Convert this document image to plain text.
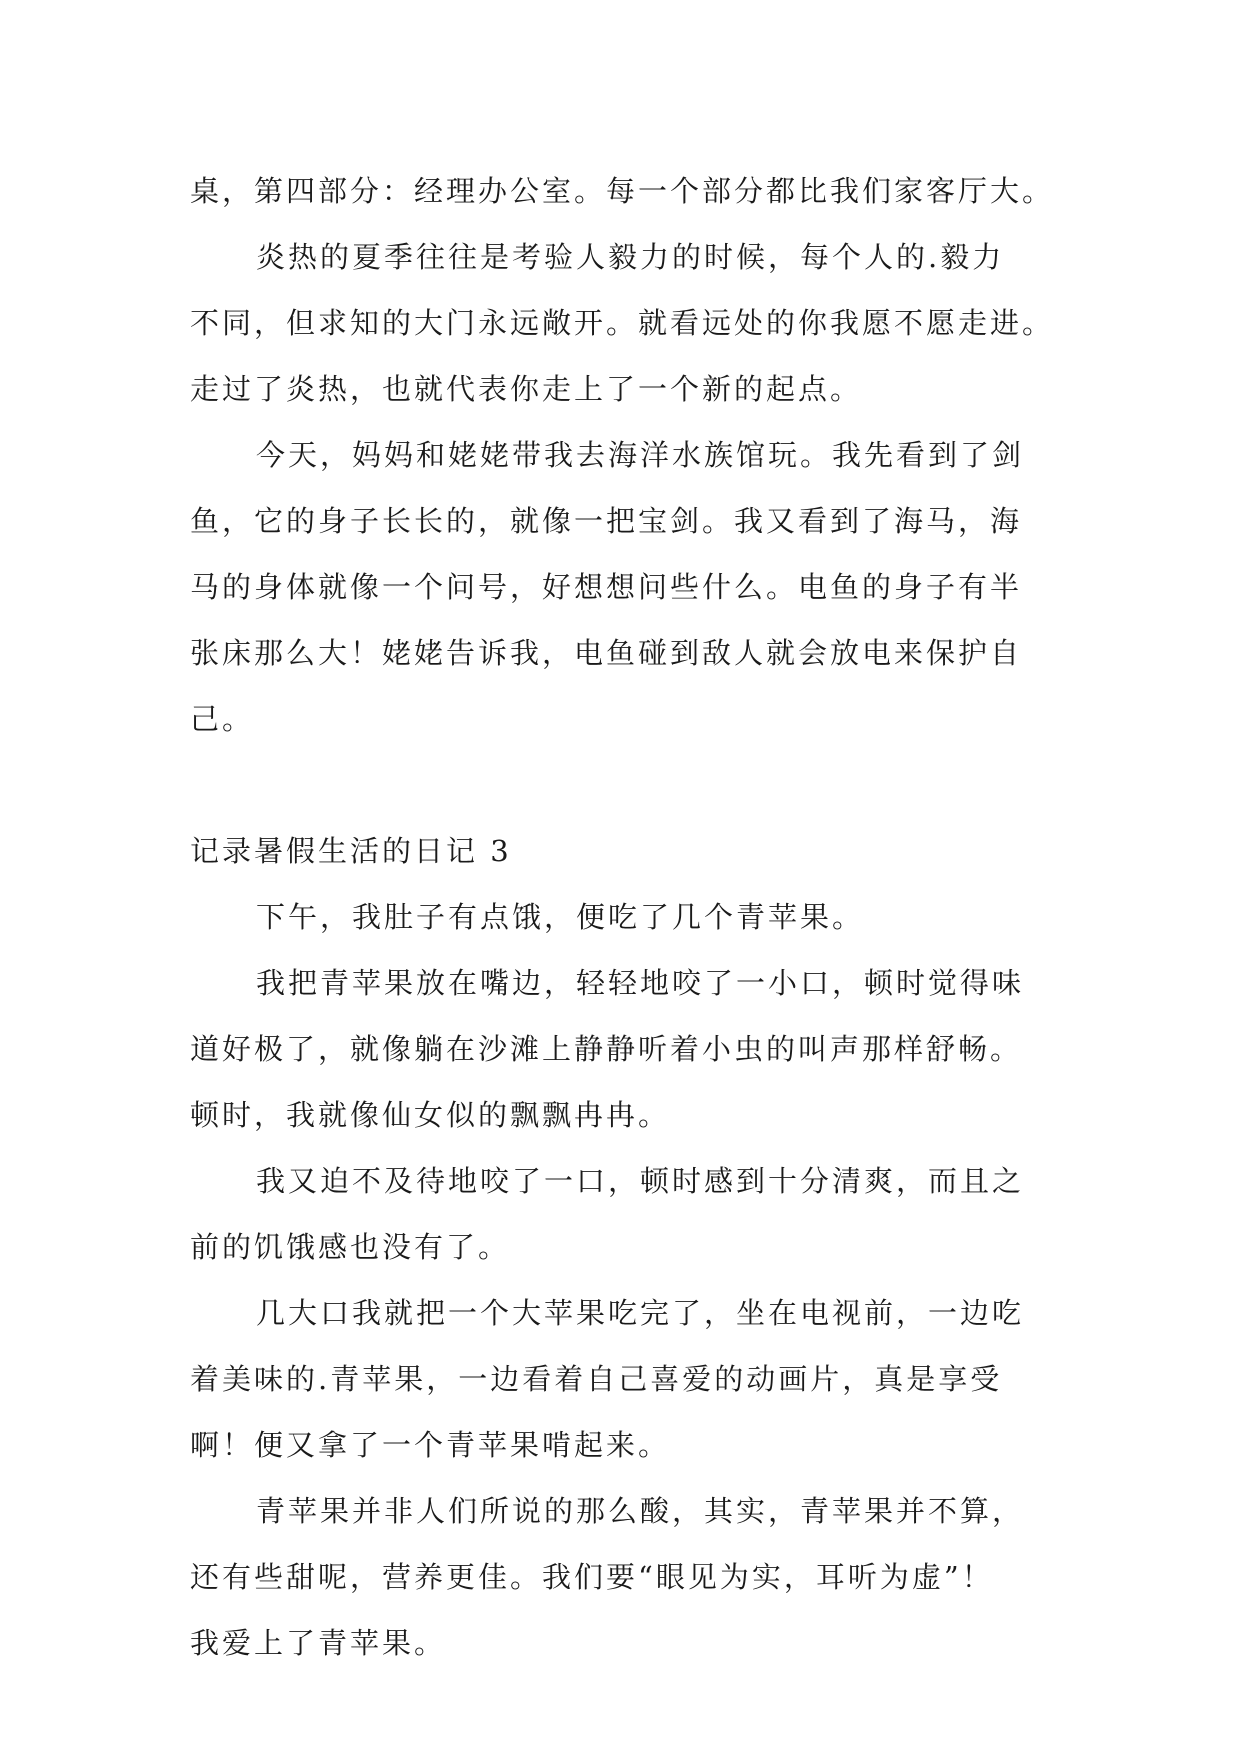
桌，第四部分：经理办公室。每一个部分都比我们家客厅大。
炎热的夏季往往是考验人毅力的时候，每个人的.毅力
不同，但求知的大门永远敞开。就看远处的你我愿不愿走进。
走过了炎热，也就代表你走上了一个新的起点。
今天，妈妈和姥姥带我去海洋水族馆玩。我先看到了剑
鱼，它的身子长长的，就像一把宝剑。我又看到了海马，海
马的身体就像一个问号，好想想问些什么。电鱼的身子有半
张床那么大！姥姥告诉我，电鱼碰到敌人就会放电来保护自
己。
记录暑假生活的日记 3
下午，我肚子有点饿，便吃了几个青苹果。
我把青苹果放在嘴边，轻轻地咬了一小口，顿时觉得味
道好极了，就像躺在沙滩上静静听着小虫的叫声那样舒畅。
顿时，我就像仙女似的飘飘冉冉。
我又迫不及待地咬了一口，顿时感到十分清爽，而且之
前的饥饿感也没有了。
几大口我就把一个大苹果吃完了，坐在电视前，一边吃
着美味的.青苹果，一边看着自己喜爱的动画片，真是享受
啊！便又拿了一个青苹果啃起来。
青苹果并非人们所说的那么酸，其实，青苹果并不算，
还有些甜呢，营养更佳。我们要“眼见为实，耳听为虚”！
我爱上了青苹果。
